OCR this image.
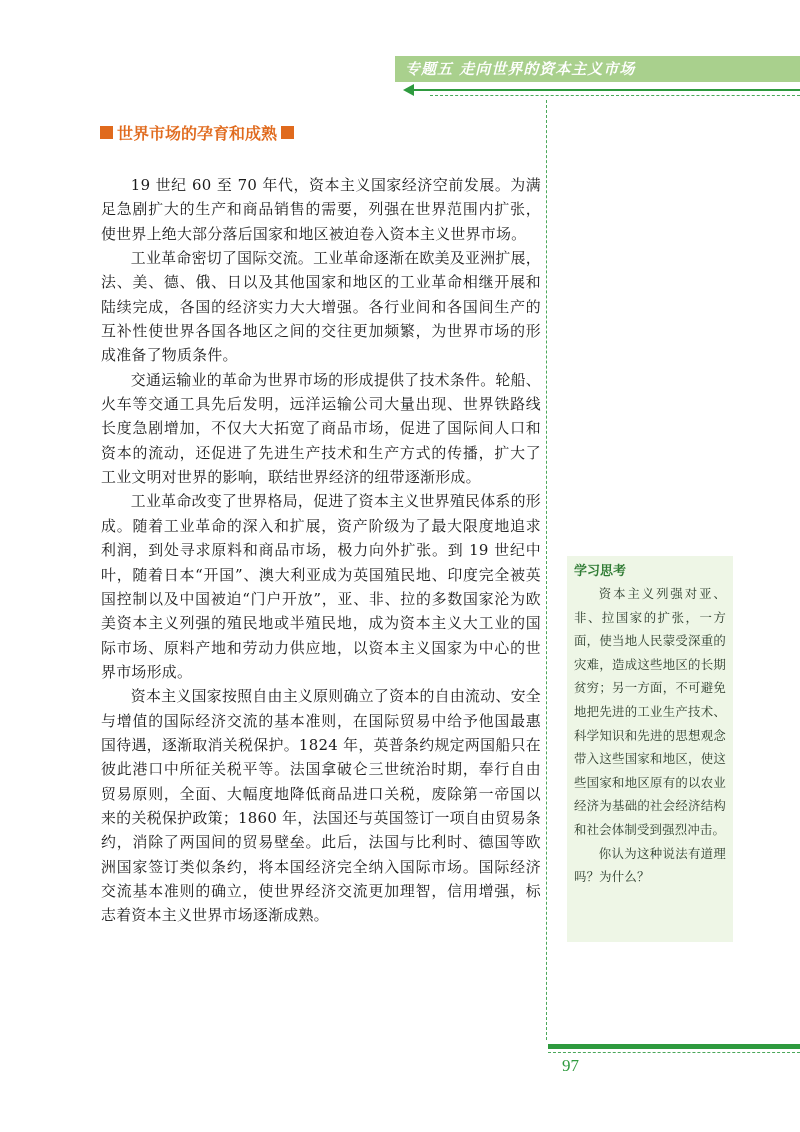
专题五 走向世界的资本主义市场
世界市场的孕育和成熟

19 世纪 60 至 70 年代，资本主义国家经济空前发展。为满足急剧扩大的生产和商品销售的需要，列强在世界范围内扩张，使世界上绝大部分落后国家和地区被迫卷入资本主义世界市场。

工业革命密切了国际交流。工业革命逐渐在欧美及亚洲扩展，法、美、德、俄、日以及其他国家和地区的工业革命相继开展和陆续完成，各国的经济实力大大增强。各行业间和各国间生产的互补性使世界各国各地区之间的交往更加频繁，为世界市场的形成准备了物质条件。

交通运输业的革命为世界市场的形成提供了技术条件。轮船、火车等交通工具先后发明，远洋运输公司大量出现、世界铁路线长度急剧增加，不仅大大拓宽了商品市场，促进了国际间人口和资本的流动，还促进了先进生产技术和生产方式的传播，扩大了工业文明对世界的影响，联结世界经济的纽带逐渐形成。

工业革命改变了世界格局，促进了资本主义世界殖民体系的形成。随着工业革命的深入和扩展，资产阶级为了最大限度地追求利润，到处寻求原料和商品市场，极力向外扩张。到 19 世纪中叶，随着日本“开国”、澳大利亚成为英国殖民地、印度完全被英国控制以及中国被迫“门户开放”，亚、非、拉的多数国家沦为欧美资本主义列强的殖民地或半殖民地，成为资本主义大工业的国际市场、原料产地和劳动力供应地，以资本主义国家为中心的世界市场形成。

资本主义国家按照自由主义原则确立了资本的自由流动、安全与增值的国际经济交流的基本准则，在国际贸易中给予他国最惠国待遇，逐渐取消关税保护。1824 年，英普条约规定两国船只在彼此港口中所征关税平等。法国拿破仑三世统治时期，奉行自由贸易原则，全面、大幅度地降低商品进口关税，废除第一帝国以来的关税保护政策；1860 年，法国还与英国签订一项自由贸易条约，消除了两国间的贸易壁垒。此后，法国与比利时、德国等欧洲国家签订类似条约，将本国经济完全纳入国际市场。国际经济交流基本准则的确立，使世界经济交流更加理智，信用增强，标志着资本主义世界市场逐渐成熟。

学习思考

资本主义列强对亚、非、拉国家的扩张，一方面，使当地人民蒙受深重的灾难，造成这些地区的长期贫穷；另一方面，不可避免地把先进的工业生产技术、科学知识和先进的思想观念带入这些国家和地区，使这些国家和地区原有的以农业经济为基础的社会经济结构和社会体制受到强烈冲击。

你认为这种说法有道理吗？为什么？

97
